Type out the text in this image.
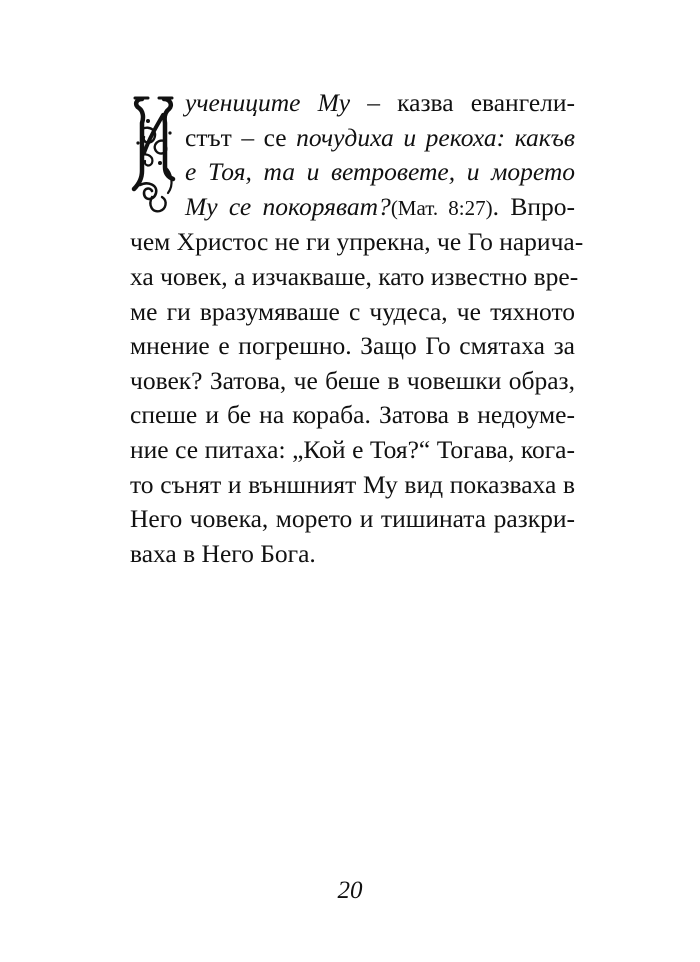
учениците Му – казва евангели-
стът – се почудиха и рекоха: какъв
е Тоя, та и ветровете, и морето
Му се покоряват?(Мат. 8:27). Впро-
чем Христос не ги упрекна, че Го нарича-
ха човек, а изчакваше, като известно вре-
ме ги вразумяваше с чудеса, че тяхното
мнение е погрешно. Защо Го смятаха за
човек? Затова, че беше в човешки образ,
спеше и бе на кораба. Затова в недоуме-
ние се питаха: „Кой е Тоя?“ Тогава, кога-
то сънят и външният Му вид показваха в
Него човека, морето и тишината разкри-
ваха в Него Бога.
20
